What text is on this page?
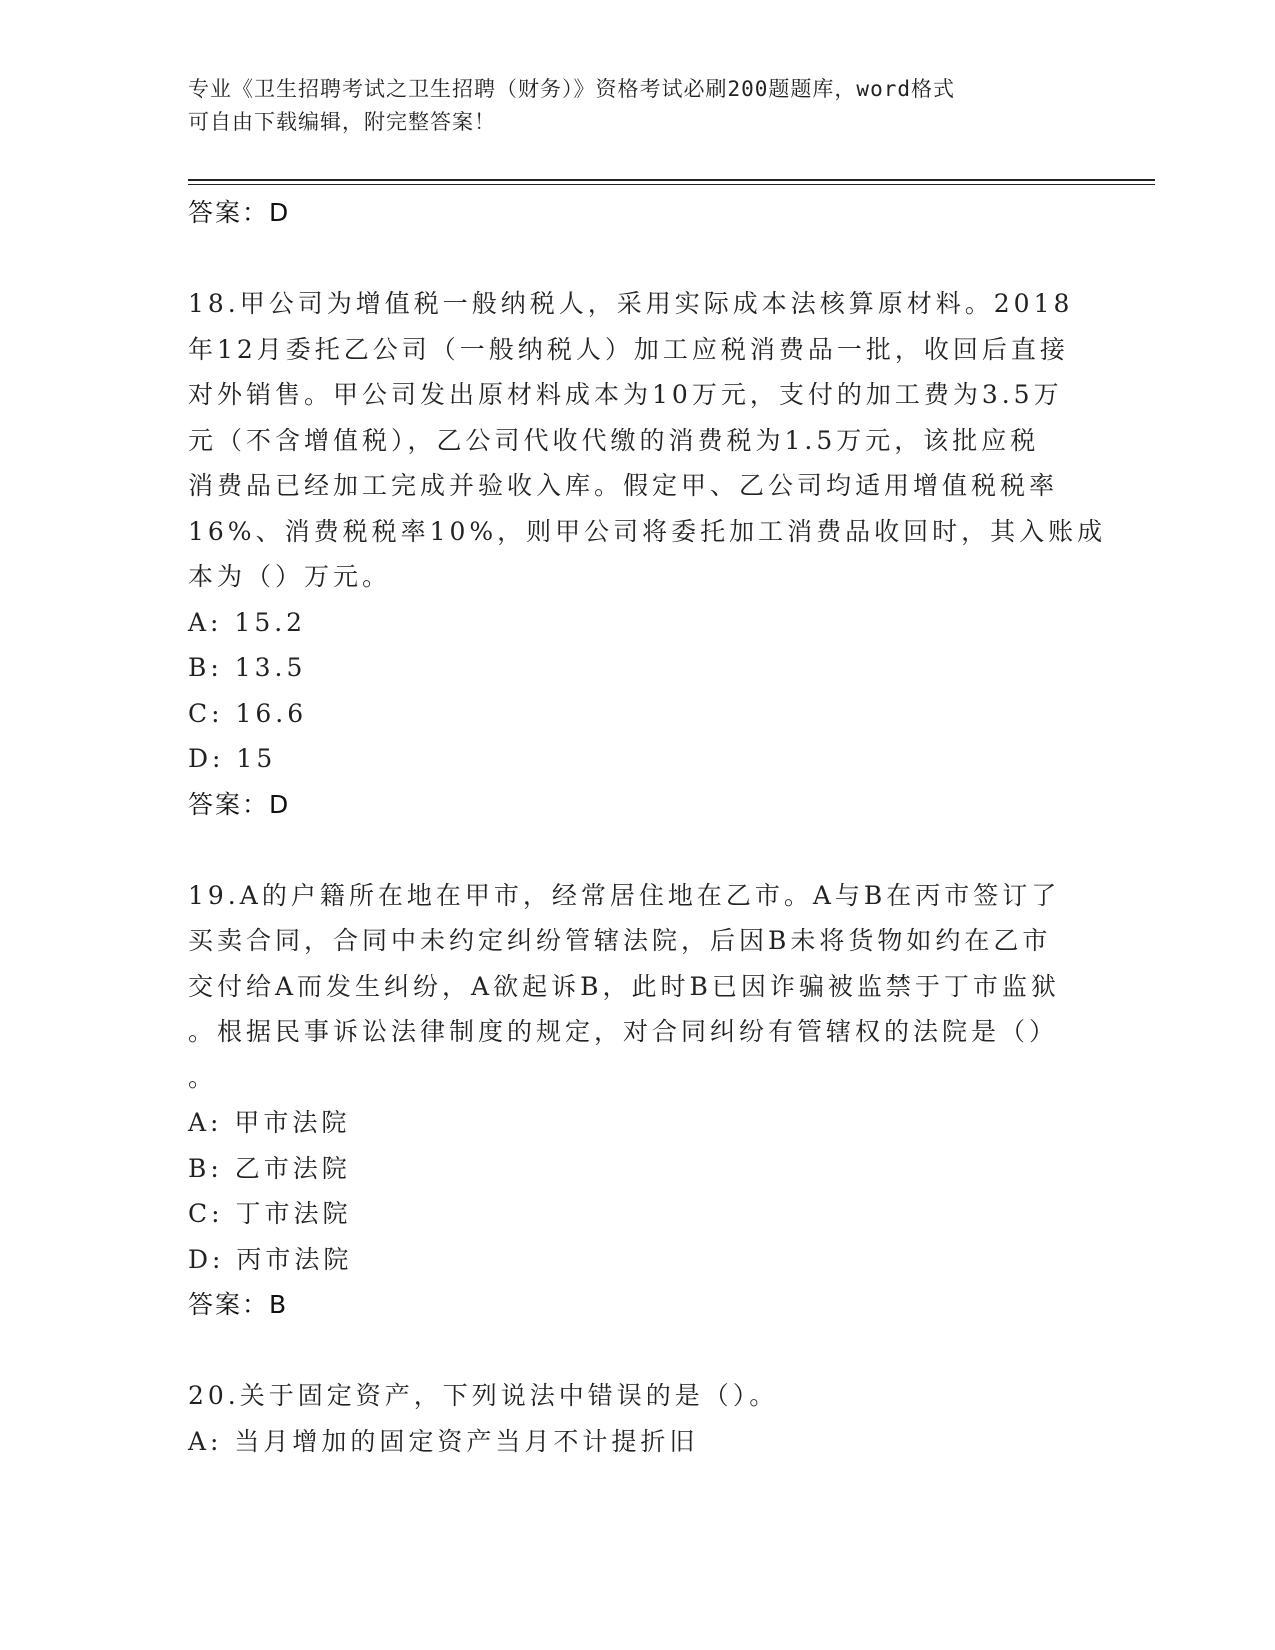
专业《卫生招聘考试之卫生招聘（财务）》资格考试必刷200题题库，word格式
可自由下载编辑，附完整答案！
答案：D
18.甲公司为增值税一般纳税人，采用实际成本法核算原材料。2018
年12月委托乙公司（一般纳税人）加工应税消费品一批，收回后直接
对外销售。甲公司发出原材料成本为10万元，支付的加工费为3.5万
元（不含增值税），乙公司代收代缴的消费税为1.5万元，该批应税
消费品已经加工完成并验收入库。假定甲、乙公司均适用增值税税率
16%、消费税税率10%，则甲公司将委托加工消费品收回时，其入账成
本为（）万元。
A: 15.2
B: 13.5
C: 16.6
D: 15
答案：D
19.A的户籍所在地在甲市，经常居住地在乙市。A与B在丙市签订了
买卖合同，合同中未约定纠纷管辖法院，后因B未将货物如约在乙市
交付给A而发生纠纷，A欲起诉B，此时B已因诈骗被监禁于丁市监狱
。根据民事诉讼法律制度的规定，对合同纠纷有管辖权的法院是（）
。
A: 甲市法院
B: 乙市法院
C: 丁市法院
D: 丙市法院
答案：B
20.关于固定资产，下列说法中错误的是（）。
A: 当月增加的固定资产当月不计提折旧
